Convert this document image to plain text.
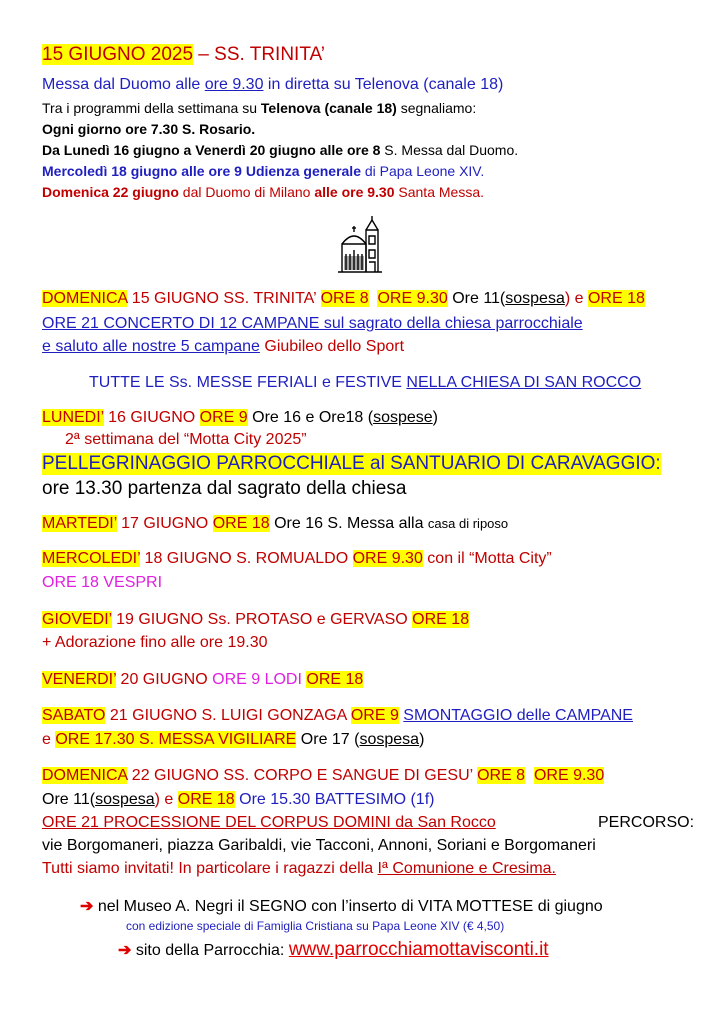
15 GIUGNO 2025 – SS. TRINITA’
Messa dal Duomo alle ore 9.30 in diretta su Telenova (canale 18)
Tra i programmi della settimana su Telenova (canale 18) segnaliamo:
Ogni giorno ore 7.30 S. Rosario.
Da Lunedì 16 giugno a Venerdì 20 giugno alle ore 8 S. Messa dal Duomo.
Mercoledì 18 giugno alle ore 9 Udienza generale di Papa Leone XIV.
Domenica 22 giugno dal Duomo di Milano alle ore 9.30 Santa Messa.
DOMENICA 15 GIUGNO SS. TRINITA’ ORE 8 ORE 9.30 Ore 11(sospesa) e ORE 18
ORE 21 CONCERTO DI 12 CAMPANE sul sagrato della chiesa parrocchiale
e saluto alle nostre 5 campane Giubileo dello Sport
TUTTE LE Ss. MESSE FERIALI e FESTIVE NELLA CHIESA DI SAN ROCCO
LUNEDI’ 16 GIUGNO ORE 9 Ore 16 e Ore18 (sospese)
2ª settimana del “Motta City 2025”
PELLEGRINAGGIO PARROCCHIALE al SANTUARIO DI CARAVAGGIO:
ore 13.30 partenza dal sagrato della chiesa
MARTEDI’ 17 GIUGNO ORE 18 Ore 16 S. Messa alla casa di riposo
MERCOLEDI’ 18 GIUGNO S. ROMUALDO ORE 9.30 con il “Motta City”
ORE 18 VESPRI
GIOVEDI’ 19 GIUGNO Ss. PROTASO e GERVASO ORE 18
+ Adorazione fino alle ore 19.30
VENERDI’ 20 GIUGNO ORE 9 LODI ORE 18
SABATO 21 GIUGNO S. LUIGI GONZAGA ORE 9 SMONTAGGIO delle CAMPANE
e ORE 17.30 S. MESSA VIGILIARE Ore 17 (sospesa)
DOMENICA 22 GIUGNO SS. CORPO E SANGUE DI GESU’ ORE 8 ORE 9.30
Ore 11(sospesa) e ORE 18 Ore 15.30 BATTESIMO (1f)
ORE 21 PROCESSIONE DEL CORPUS DOMINI da San Rocco	PERCORSO:
vie Borgomaneri, piazza Garibaldi, vie Tacconi, Annoni, Soriani e Borgomaneri
Tutti siamo invitati! In particolare i ragazzi della Iª Comunione e Cresima.
➔ nel Museo A. Negri il SEGNO con l’inserto di VITA MOTTESE di giugno
con edizione speciale di Famiglia Cristiana su Papa Leone XIV (€ 4,50)
➔ sito della Parrocchia: www.parrocchiamottavisconti.it
